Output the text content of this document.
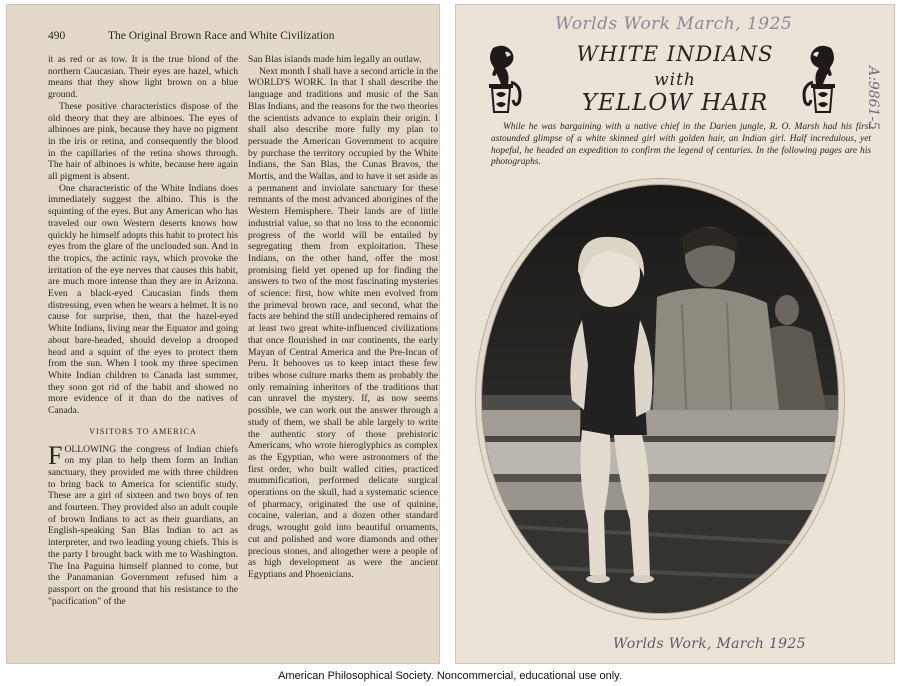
490	The Original Brown Race and White Civilization

it as red or as tow. It is the true blond of the northern Caucasian. Their eyes are hazel, which means that they show light brown on a blue ground.

These positive characteristics dispose of the old theory that they are albinoes. The eyes of albinoes are pink, because they have no pigment in the iris or retina, and consequently the blood in the capillaries of the retina shows through. The hair of albinoes is white, because here again all pigment is absent.

One characteristic of the White Indians does immediately suggest the albino. This is the squinting of the eyes. But any American who has traveled our own Western deserts knows how quickly he himself adopts this habit to protect his eyes from the glare of the unclouded sun. And in the tropics, the actinic rays, which provoke the irritation of the eye nerves that causes this habit, are much more intense than they are in Arizona. Even a black-eyed Caucasian finds them distressing, even when he wears a helmet. It is no cause for surprise, then, that the hazel-eyed White Indians, living near the Equator and going about bare-headed, should develop a drooped head and a squint of the eyes to protect them from the sun. When I took my three specimen White Indian children to Canada last summer, they soon got rid of the habit and showed no more evidence of it than do the natives of Canada.

VISITORS TO AMERICA

FOLLOWING the congress of Indian chiefs on my plan to help them form an Indian sanctuary, they provided me with three children to bring back to America for scientific study. These are a girl of sixteen and two boys of ten and fourteen. They provided also an adult couple of brown Indians to act as their guardians, an English-speaking San Blas Indian to act as interpreter, and two leading young chiefs. This is the party I brought back with me to Washington. The Ina Paguina himself planned to come, but the Panamanian Government refused him a passport on the ground that his resistance to the "pacification" of the

San Blas islands made him legally an outlaw.

Next month I shall have a second article in the WORLD'S WORK. In that I shall describe the language and traditions and music of the San Blas Indians, and the reasons for the two theories the scientists advance to explain their origin. I shall also describe more fully my plan to persuade the American Government to acquire by purchase the territory occupied by the White Indians, the San Blas, the Cunas Bravos, the Mortis, and the Wallas, and to have it set aside as a permanent and inviolate sanctuary for these remnants of the most advanced aborigines of the Western Hemisphere. Their lands are of little industrial value, so that no loss to the economic progress of the world will be entailed by segregating them from exploitation. These Indians, on the other hand, offer the most promising field yet opened up for finding the answers to two of the most fascinating mysteries of science: first, how white men evolved from the primeval brown race, and second, what the facts are behind the still undeciphered remains of at least two great white-influenced civilizations that once flourished in our continents, the early Mayan of Central America and the Pre-Incan of Peru. It behooves us to keep intact these few tribes whose culture marks them as probably the only remaining inheritors of the traditions that can unravel the mystery. If, as now seems possible, we can work out the answer through a study of them, we shall be able largely to write the authentic story of those prehistoric Americans, who wrote hieroglyphics as complex as the Egyptian, who were astronomers of the first order, who built walled cities, practiced mummification, performed delicate surgical operations on the skull, had a systematic science of pharmacy, originated the use of quinine, cocaine, valerian, and a dozen other standard drugs, wrought gold into beautiful ornaments, cut and polished and wore diamonds and other precious stones, and altogether were a people of as high development as were the ancient Egyptians and Phoenicians.

Worlds Work March, 1925
A:9861-5
WHITE INDIANS
with
YELLOW HAIR

While he was bargaining with a native chief in the Darien jungle, R. O. Marsh had his first astounded glimpse of a white skinned girl with golden hair, an Indian girl. Half incredulous, yet hopeful, he headed an expedition to confirm the legend of centuries. In the following pages are his photographs.

Worlds Work, March 1925
American Philosophical Society. Noncommercial, educational use only.
